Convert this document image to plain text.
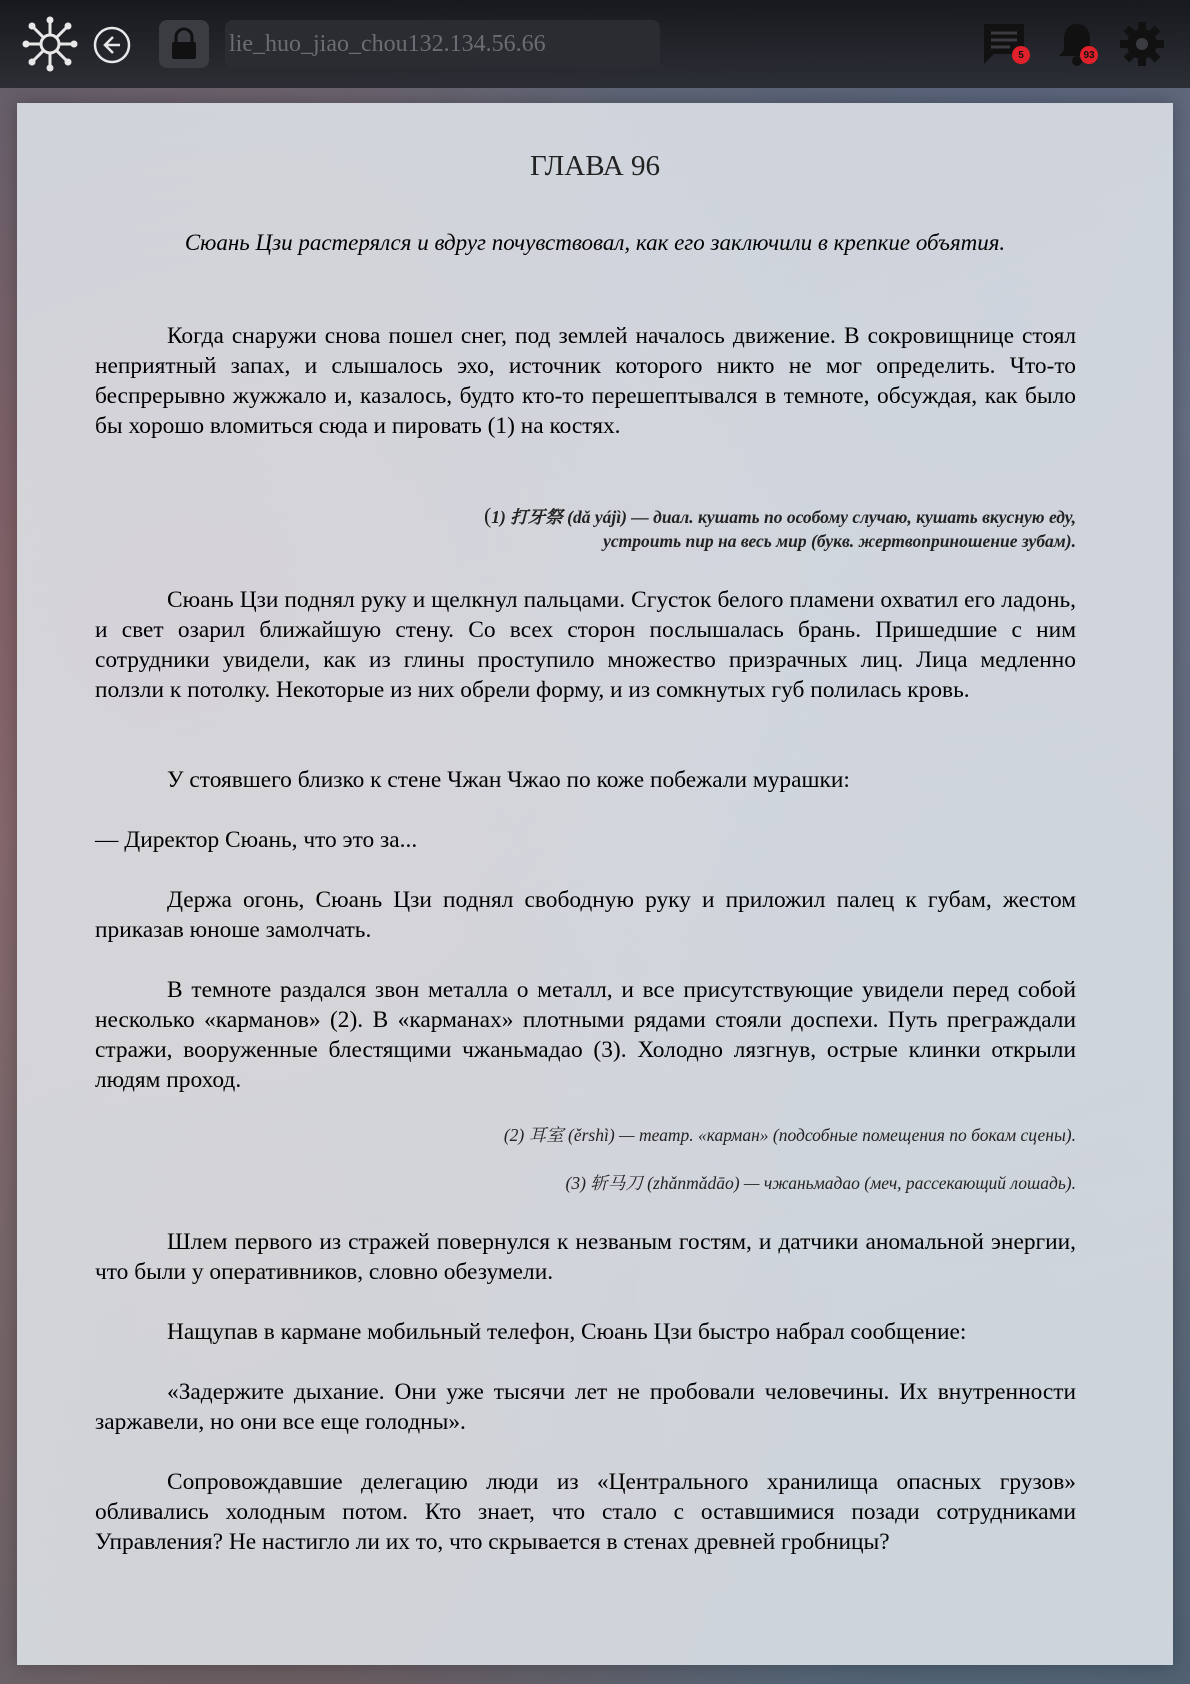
lie_huo_jiao_chou132.134.56.66
5	93
ГЛАВА 96

Сюань Цзи растерялся и вдруг почувствовал, как его заключили в крепкие объятия.

Когда снаружи снова пошел снег, под землей началось движение. В сокровищнице стоял неприятный запах, и слышалось эхо, источник которого никто не мог определить. Что-то беспрерывно жужжало и, казалось, будто кто-то перешептывался в темноте, обсуждая, как было бы хорошо вломиться сюда и пировать (1) на костях.

(1) 打牙祭 (dǎ yájì) — диал. кушать по особому случаю, кушать вкусную еду,
устроить пир на весь мир (букв. жертвоприношение зубам).

Сюань Цзи поднял руку и щелкнул пальцами. Сгусток белого пламени охватил его ладонь, и свет озарил ближайшую стену. Со всех сторон послышалась брань. Пришедшие с ним сотрудники увидели, как из глины проступило множество призрачных лиц. Лица медленно ползли к потолку. Некоторые из них обрели форму, и из сомкнутых губ полилась кровь.

У стоявшего близко к стене Чжан Чжао по коже побежали мурашки:

— Директор Сюань, что это за...

Держа огонь, Сюань Цзи поднял свободную руку и приложил палец к губам, жестом приказав юноше замолчать.

В темноте раздался звон металла о металл, и все присутствующие увидели перед собой несколько «карманов» (2). В «карманах» плотными рядами стояли доспехи. Путь преграждали стражи, вооруженные блестящими чжаньмадао (3). Холодно лязгнув, острые клинки открыли людям проход.

(2) 耳室 (ěrshì) — театр. «карман» (подсобные помещения по бокам сцены).

(3) 斩马刀 (zhǎnmǎdāo) — чжаньмадао (меч, рассекающий лошадь).

Шлем первого из стражей повернулся к незваным гостям, и датчики аномальной энергии, что были у оперативников, словно обезумели.

Нащупав в кармане мобильный телефон, Сюань Цзи быстро набрал сообщение:

«Задержите дыхание. Они уже тысячи лет не пробовали человечины. Их внутренности заржавели, но они все еще голодны».

Сопровождавшие делегацию люди из «Центрального хранилища опасных грузов» обливались холодным потом. Кто знает, что стало с оставшимися позади сотрудниками Управления? Не настигло ли их то, что скрывается в стенах древней гробницы?
